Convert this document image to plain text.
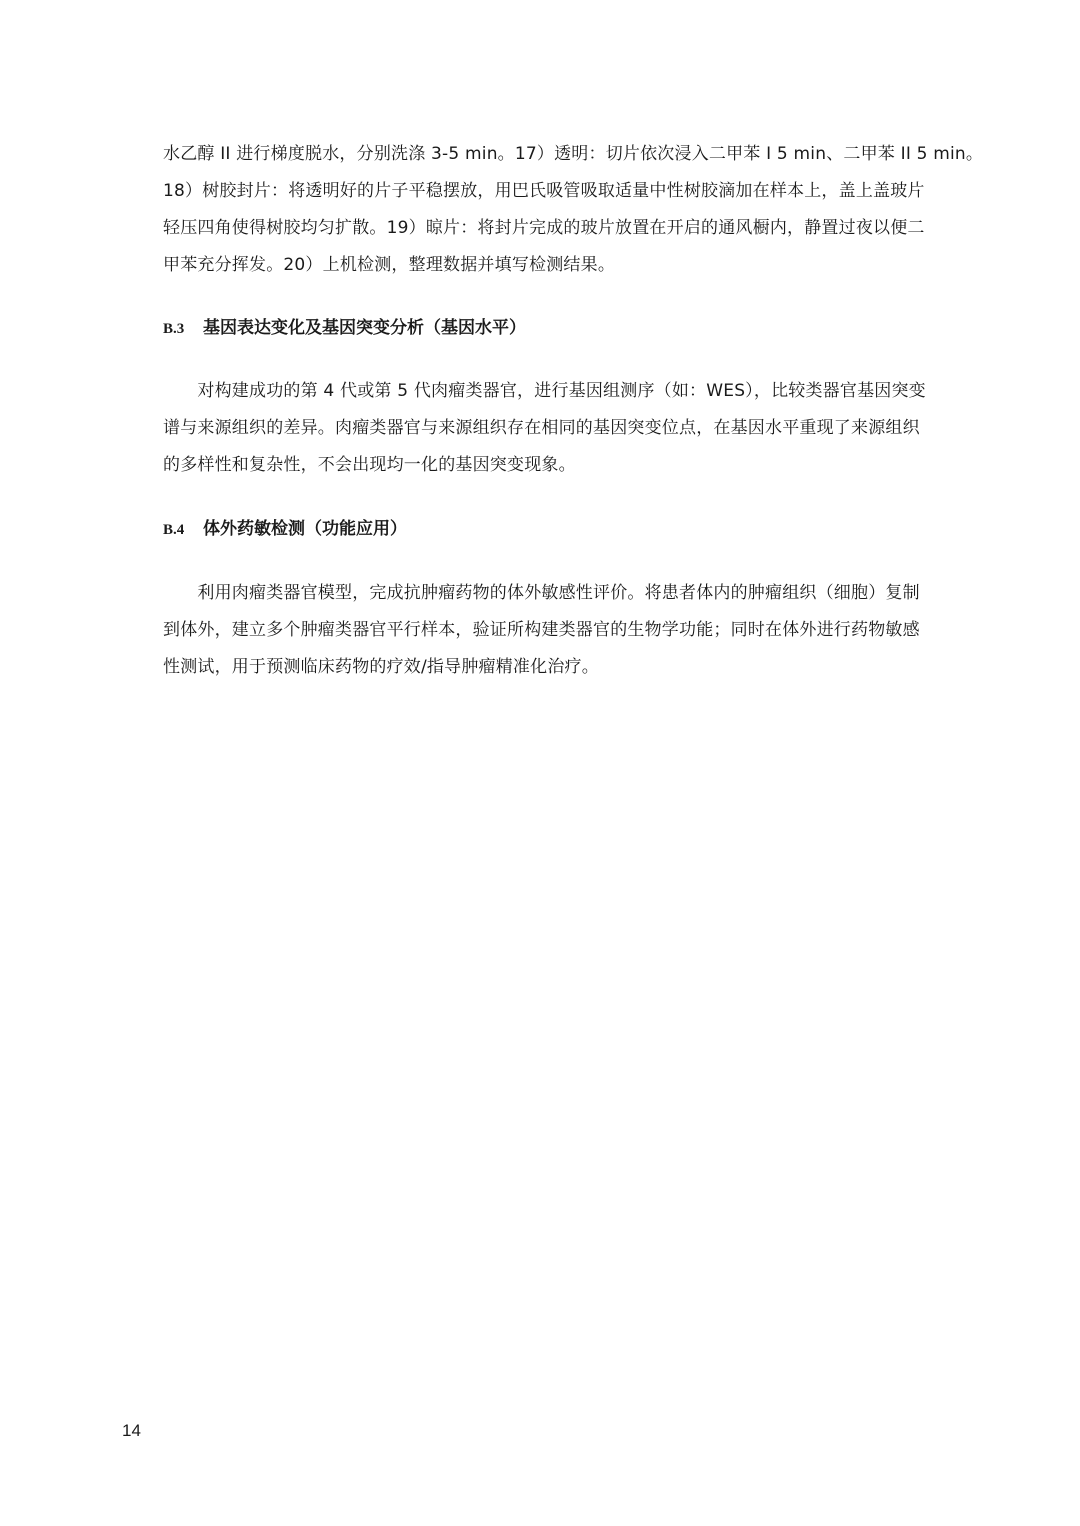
水乙醇 II 进行梯度脱水，分别洗涤 3-5 min。17）透明：切片依次浸入二甲苯 I 5 min、二甲苯 II 5 min。
18）树胶封片：将透明好的片子平稳摆放，用巴氏吸管吸取适量中性树胶滴加在样本上，盖上盖玻片
轻压四角使得树胶均匀扩散。19）晾片：将封片完成的玻片放置在开启的通风橱内，静置过夜以便二
甲苯充分挥发。20）上机检测，整理数据并填写检测结果。
B.3 基因表达变化及基因突变分析（基因水平）
　　对构建成功的第 4 代或第 5 代肉瘤类器官，进行基因组测序（如：WES），比较类器官基因突变
谱与来源组织的差异。肉瘤类器官与来源组织存在相同的基因突变位点，在基因水平重现了来源组织
的多样性和复杂性，不会出现均一化的基因突变现象。
B.4 体外药敏检测（功能应用）
　　利用肉瘤类器官模型，完成抗肿瘤药物的体外敏感性评价。将患者体内的肿瘤组织（细胞）复制
到体外，建立多个肿瘤类器官平行样本，验证所构建类器官的生物学功能；同时在体外进行药物敏感
性测试，用于预测临床药物的疗效/指导肿瘤精准化治疗。
14
